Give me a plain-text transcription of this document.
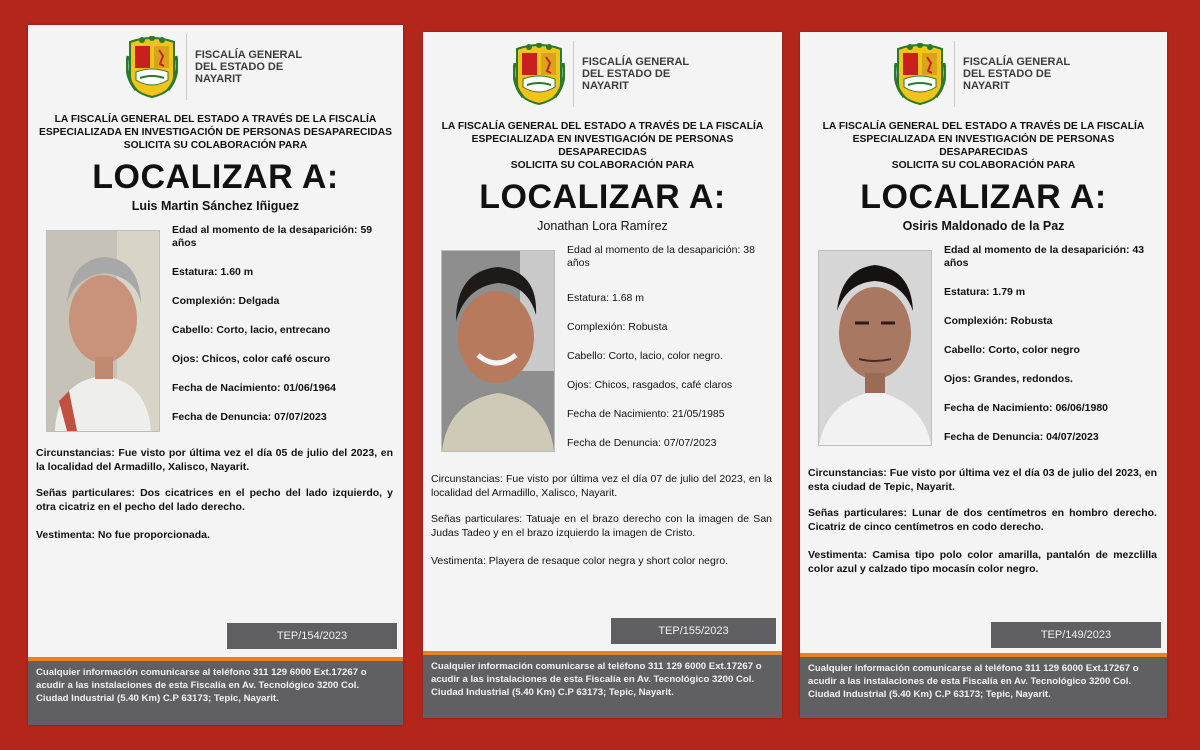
FISCALÍA GENERAL
DEL ESTADO DE
NAYARIT
LA FISCALÍA GENERAL DEL ESTADO A TRAVÉS DE LA FISCALÍA
ESPECIALIZADA EN INVESTIGACIÓN DE PERSONAS DESAPARECIDAS
SOLICITA SU COLABORACIÓN PARA
LOCALIZAR A:
Luis Martin Sánchez Iñiguez
Edad al momento de la desaparición: 59 años
Estatura: 1.60 m
Complexión: Delgada
Cabello: Corto, lacio, entrecano
Ojos: Chicos, color café oscuro
Fecha de Nacimiento: 01/06/1964
Fecha de Denuncia: 07/07/2023
Circunstancias: Fue visto por última vez el día 05 de julio del 2023, en la localidad del Armadillo, Xalisco, Nayarit.
Señas particulares: Dos cicatrices en el pecho del lado izquierdo, y otra cicatriz en el pecho del lado derecho.
Vestimenta: No fue proporcionada.
TEP/154/2023
Cualquier información comunicarse al teléfono 311 129 6000 Ext.17267 o
acudir a las instalaciones de esta Fiscalía en Av. Tecnológico 3200 Col.
Ciudad Industrial (5.40 Km) C.P 63173; Tepic, Nayarit.
FISCALÍA GENERAL
DEL ESTADO DE
NAYARIT
LA FISCALÍA GENERAL DEL ESTADO A TRAVÉS DE LA FISCALÍA
ESPECIALIZADA EN INVESTIGACIÓN DE PERSONAS DESAPARECIDAS
SOLICITA SU COLABORACIÓN PARA
LOCALIZAR A:
Jonathan Lora Ramírez
Edad al momento de la desaparición: 38 años
Estatura: 1.68 m
Complexión: Robusta
Cabello: Corto, lacio, color negro.
Ojos: Chicos, rasgados, café claros
Fecha de Nacimiento: 21/05/1985
Fecha de Denuncia: 07/07/2023
Circunstancias: Fue visto por última vez el día 07 de julio del 2023, en la localidad del Armadillo, Xalisco, Nayarit.
Señas particulares: Tatuaje en el brazo derecho con la imagen de San Judas Tadeo y en el brazo izquierdo la imagen de Cristo.
Vestimenta: Playera de resaque color negra y short color negro.
TEP/155/2023
Cualquier información comunicarse al teléfono 311 129 6000 Ext.17267 o
acudir a las instalaciones de esta Fiscalía en Av. Tecnológico 3200 Col.
Ciudad Industrial (5.40 Km) C.P 63173; Tepic, Nayarit.
FISCALÍA GENERAL
DEL ESTADO DE
NAYARIT
LA FISCALÍA GENERAL DEL ESTADO A TRAVÉS DE LA FISCALÍA
ESPECIALIZADA EN INVESTIGACIÓN DE PERSONAS DESAPARECIDAS
SOLICITA SU COLABORACIÓN PARA
LOCALIZAR A:
Osiris Maldonado de la Paz
Edad al momento de la desaparición: 43 años
Estatura: 1.79 m
Complexión: Robusta
Cabello: Corto, color negro
Ojos: Grandes, redondos.
Fecha de Nacimiento: 06/06/1980
Fecha de Denuncia: 04/07/2023
Circunstancias: Fue visto por última vez el día 03 de julio del 2023, en esta ciudad de Tepic, Nayarit.
Señas particulares: Lunar de dos centímetros en hombro derecho. Cicatriz de cinco centímetros en codo derecho.
Vestimenta: Camisa tipo polo color amarilla, pantalón de mezclilla color azul y calzado tipo mocasín color negro.
TEP/149/2023
Cualquier información comunicarse al teléfono 311 129 6000 Ext.17267 o
acudir a las instalaciones de esta Fiscalía en Av. Tecnológico 3200 Col.
Ciudad Industrial (5.40 Km) C.P 63173; Tepic, Nayarit.
